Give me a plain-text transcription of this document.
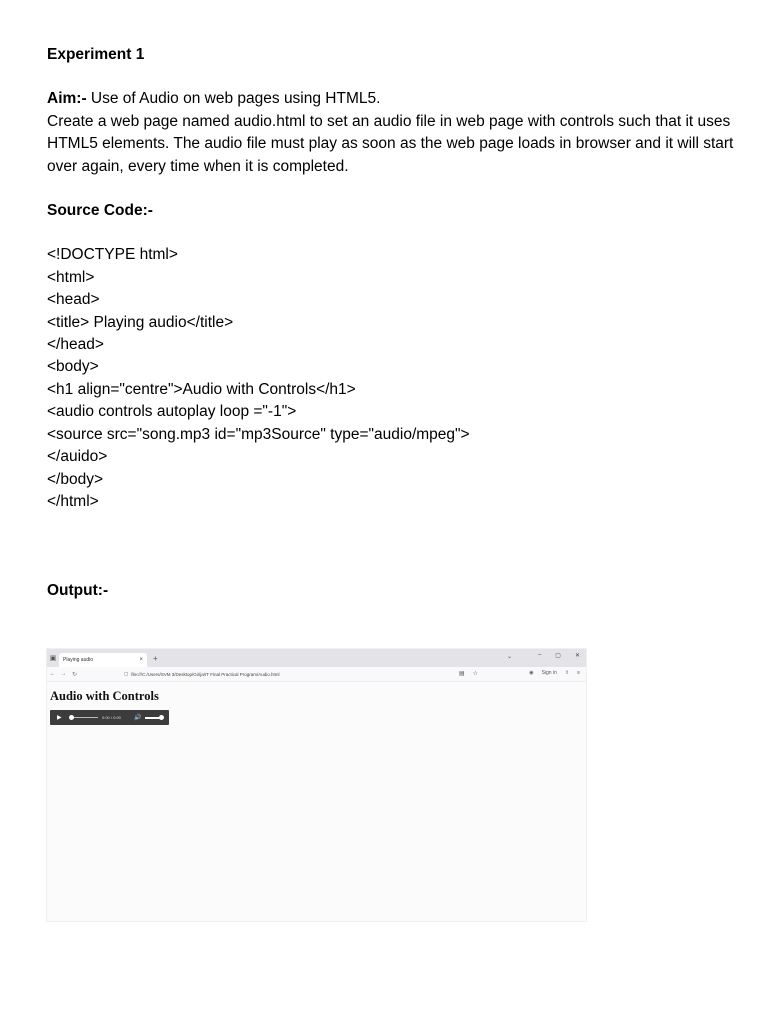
Experiment 1

Aim:- Use of Audio on web pages using HTML5.

Create a web page named audio.html to set an audio file in web page with controls such that it uses HTML5 elements. The audio file must play as soon as the web page loads in browser and it will start over again, every time when it is completed.

Source Code:-

<!DOCTYPE html>

<html>

<head>

<title> Playing audio</title>

</head>

<body>

<h1 align="centre">Audio with Controls</h1>

<audio controls autoplay loop ="-1">

<source src="song.mp3 id="mp3Source" type="audio/mpeg">

</auido>

</body>

</html>

Output:-
▣	Playing audio	× +	⌄	– ▢ ✕
← → ↻	▢ file:///C:/Users/SVM 3/Desktop/Girija/IT Final Practical Program/Audio.html	▤ ☆	◉ Sign in ⇪ ≡
Audio with Controls
▶	0:00 / 0:00 🔊
